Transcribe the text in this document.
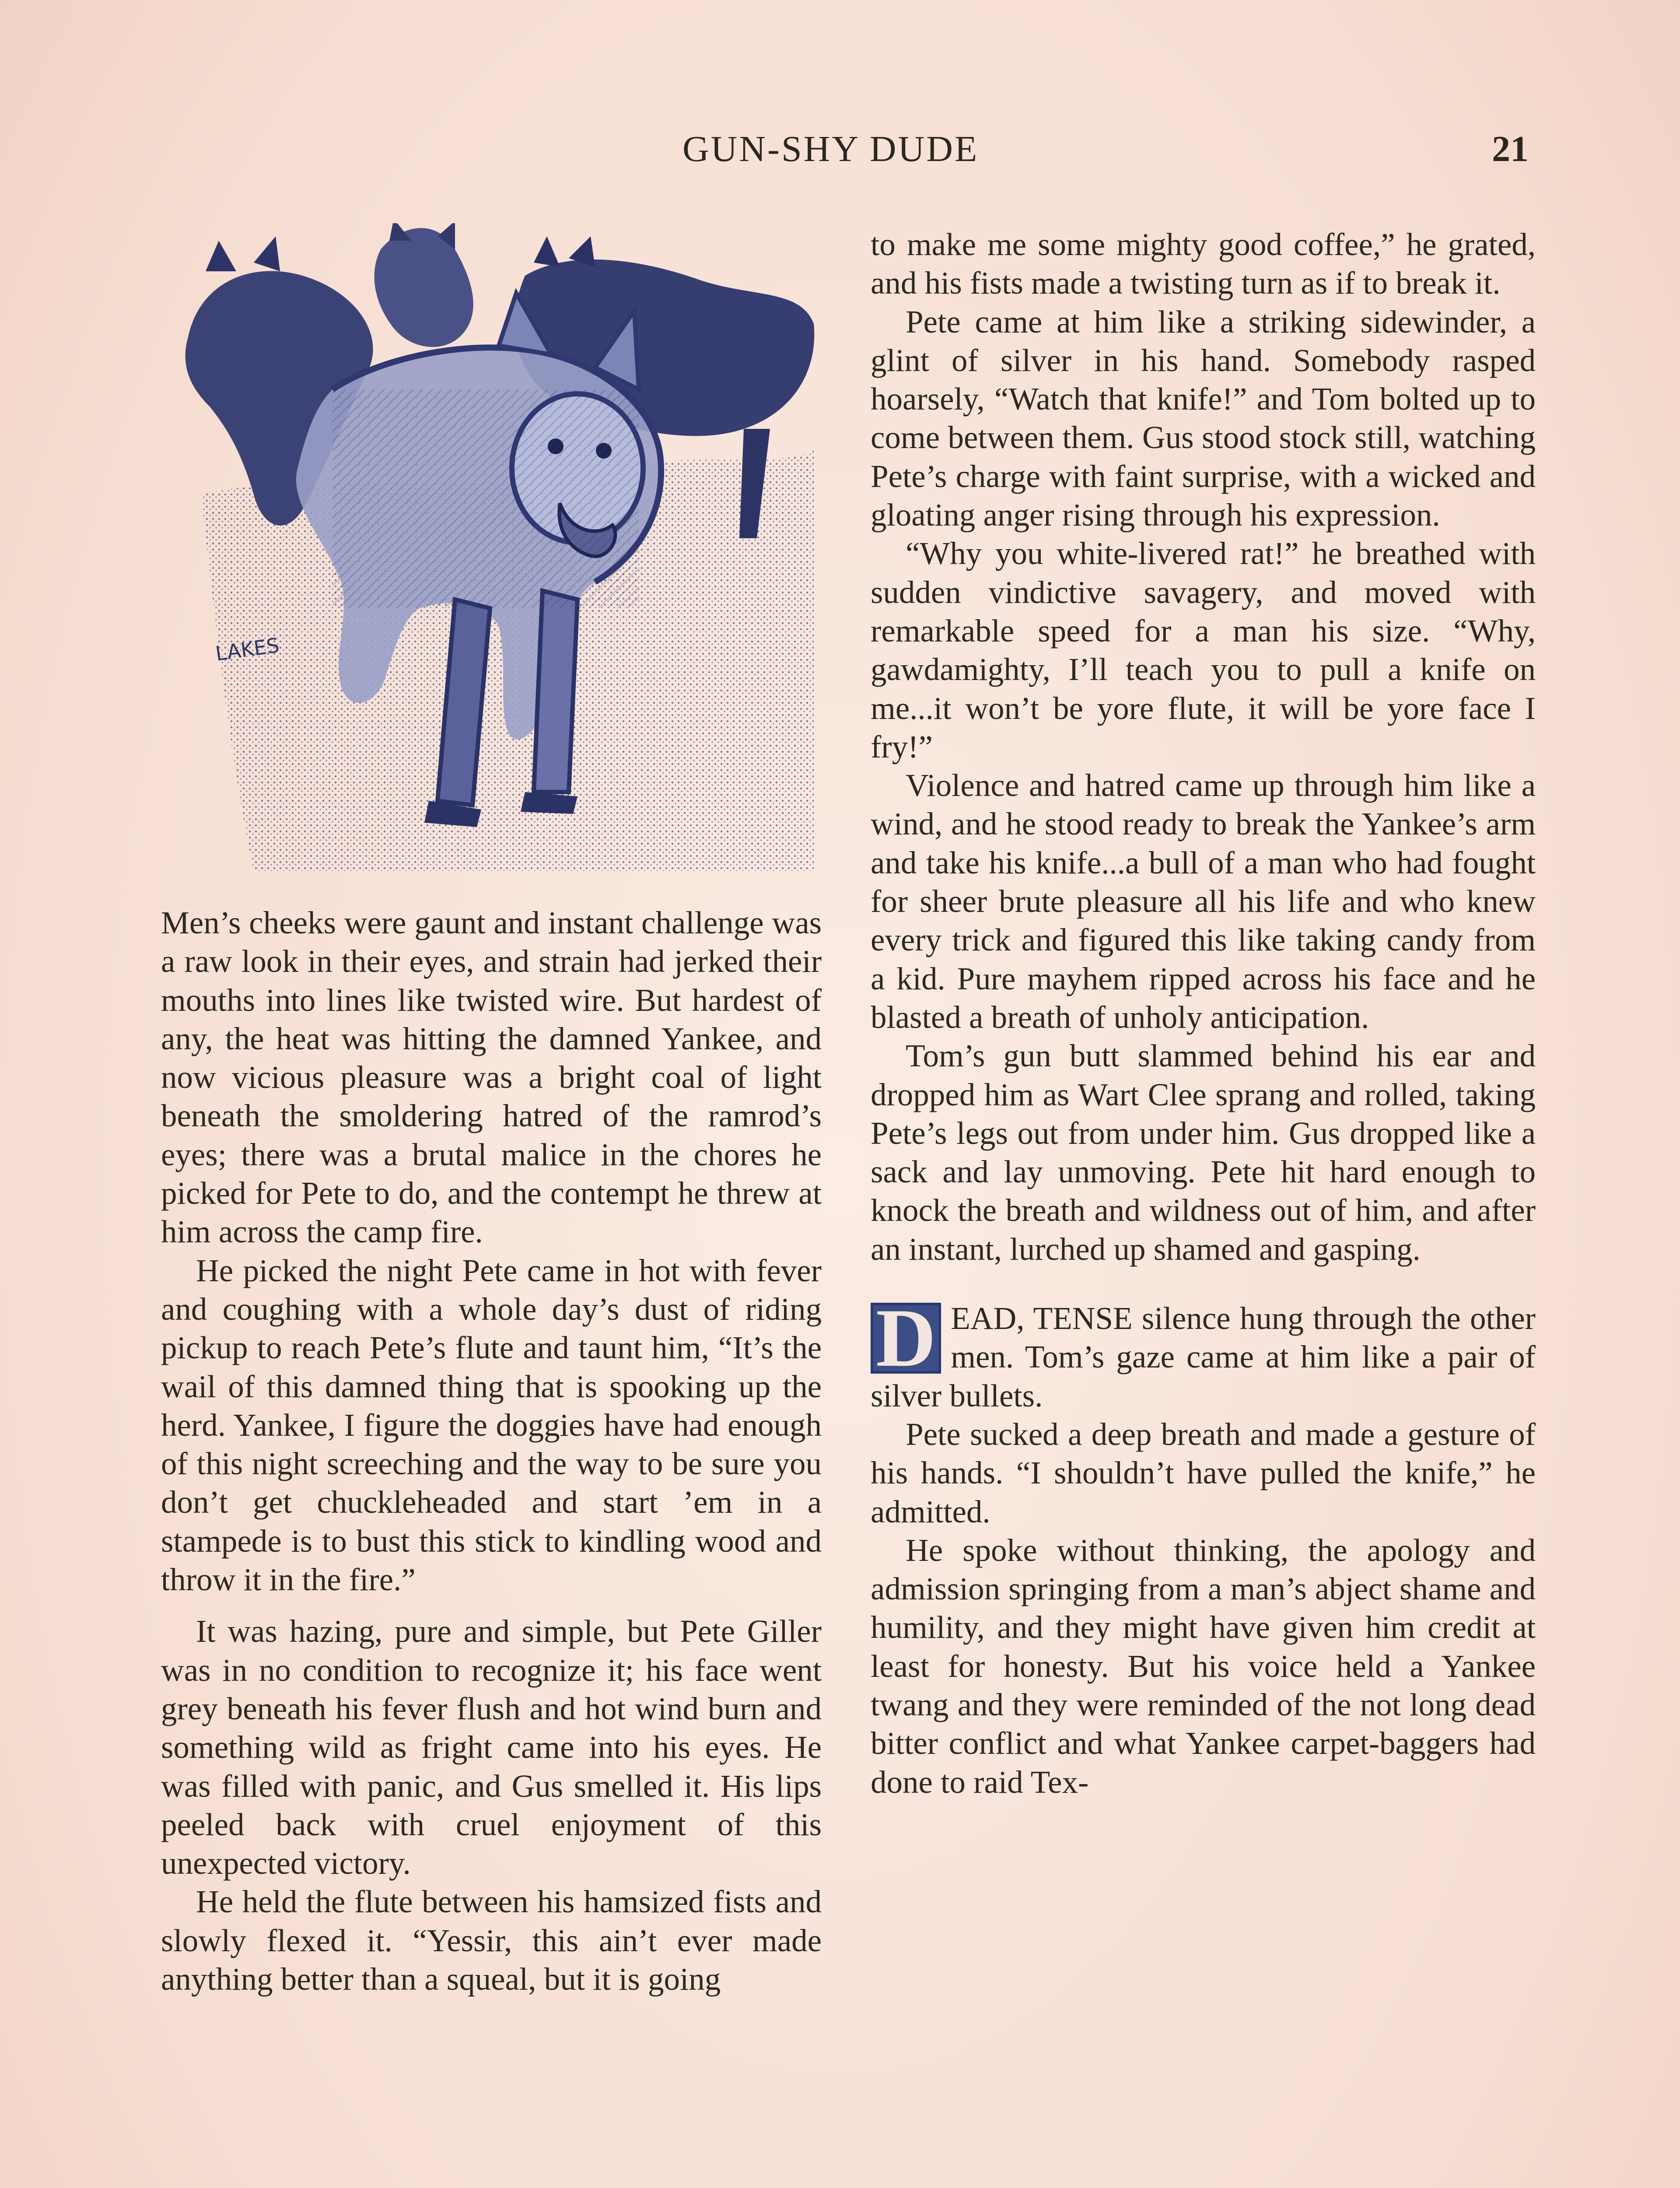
GUN-SHY DUDE	21
LAKES

Men’s cheeks were gaunt and instant challenge was a raw look in their eyes, and strain had jerked their mouths into lines like twisted wire. But hardest of any, the heat was hitting the damned Yankee, and now vicious pleasure was a bright coal of light beneath the smoldering hatred of the ramrod’s eyes; there was a brutal malice in the chores he picked for Pete to do, and the contempt he threw at him across the camp fire.

He picked the night Pete came in hot with fever and coughing with a whole day’s dust of riding pickup to reach Pete’s flute and taunt him, “It’s the wail of this damned thing that is spooking up the herd. Yankee, I figure the doggies have had enough of this night screeching and the way to be sure you don’t get chuckleheaded and start ’em in a stampede is to bust this stick to kindling wood and throw it in the fire.”

It was hazing, pure and simple, but Pete Giller was in no condition to recognize it; his face went grey beneath his fever flush and hot wind burn and something wild as fright came into his eyes. He was filled with panic, and Gus smelled it. His lips peeled back with cruel enjoyment of this unexpected victory.

He held the flute between his hamsized fists and slowly flexed it. “Yessir, this ain’t ever made anything better than a squeal, but it is going

to make me some mighty good coffee,” he grated, and his fists made a twisting turn as if to break it.

Pete came at him like a striking sidewinder, a glint of silver in his hand. Somebody rasped hoarsely, “Watch that knife!” and Tom bolted up to come between them. Gus stood stock still, watching Pete’s charge with faint surprise, with a wicked and gloating anger rising through his expression.

“Why you white-livered rat!” he breathed with sudden vindictive savagery, and moved with remarkable speed for a man his size. “Why, gawdamighty, I’ll teach you to pull a knife on me...it won’t be yore flute, it will be yore face I fry!”

Violence and hatred came up through him like a wind, and he stood ready to break the Yankee’s arm and take his knife...a bull of a man who had fought for sheer brute pleasure all his life and who knew every trick and figured this like taking candy from a kid. Pure mayhem ripped across his face and he blasted a breath of unholy anticipation.

Tom’s gun butt slammed behind his ear and dropped him as Wart Clee sprang and rolled, taking Pete’s legs out from under him. Gus dropped like a sack and lay unmoving. Pete hit hard enough to knock the breath and wildness out of him, and after an instant, lurched up shamed and gasping.

D EAD, TENSE silence hung through the other men. Tom’s gaze came at him like a pair of silver bullets.

Pete sucked a deep breath and made a gesture of his hands. “I shouldn’t have pulled the knife,” he admitted.

He spoke without thinking, the apology and admission springing from a man’s abject shame and humility, and they might have given him credit at least for honesty. But his voice held a Yankee twang and they were reminded of the not long dead bitter conflict and what Yankee carpet-baggers had done to raid Tex-
